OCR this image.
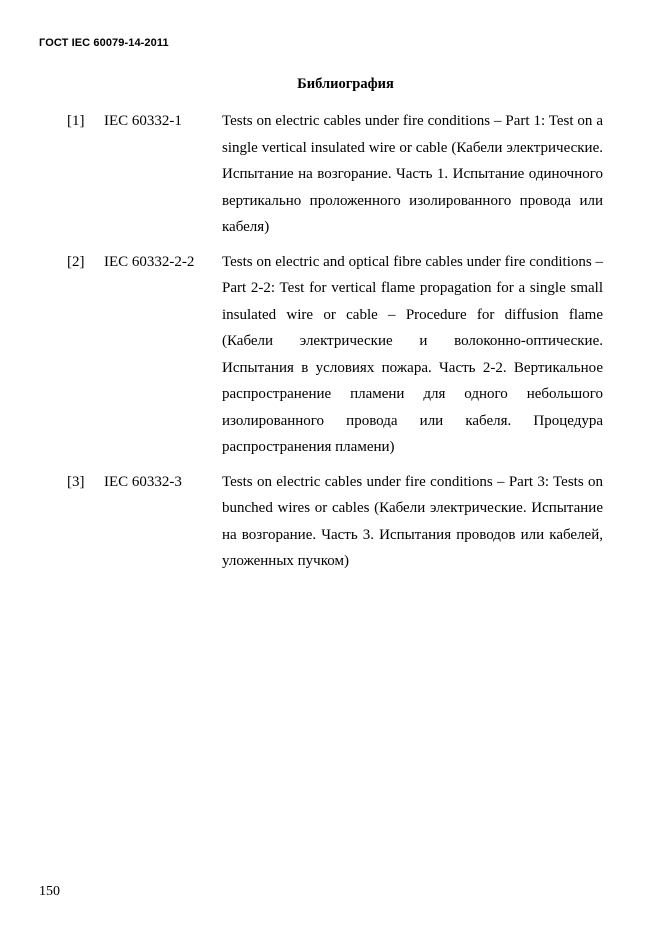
ГОСТ IEC 60079-14-2011
Библиография
[1] IEC 60332-1	Tests on electric cables under fire conditions – Part 1: Test on a single vertical insulated wire or cable (Кабели электрические. Испытание на возгорание. Часть 1. Испытание одиночного вертикально проложенного изолированного провода или кабеля)
[2] IEC 60332-2-2 Tests on electric and optical fibre cables under fire conditions – Part 2-2: Test for vertical flame propagation for a single small insulated wire or cable – Procedure for diffusion flame (Кабели электрические и волоконно-оптические. Испытания в условиях пожара. Часть 2-2. Вертикальное распространение пламени для одного небольшого изолированного провода или кабеля. Процедура распространения пламени)
[3] IEC 60332-3	Tests on electric cables under fire conditions – Part 3: Tests on bunched wires or cables (Кабели электрические. Испытание на возгорание. Часть 3. Испытания проводов или кабелей, уложенных пучком)
150
